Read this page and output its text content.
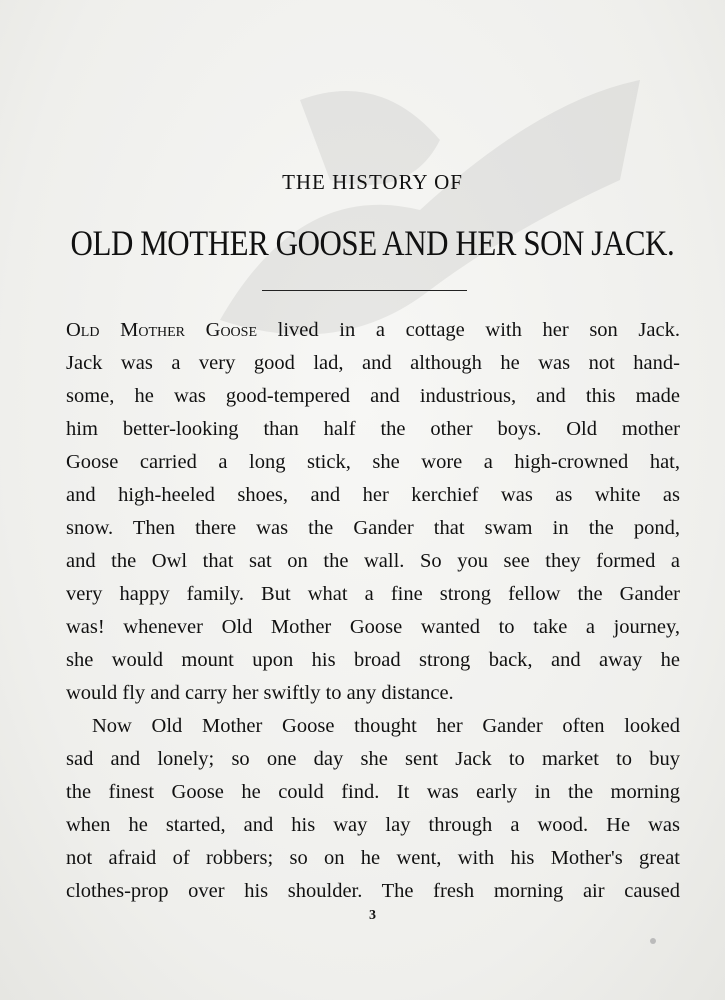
THE HISTORY OF
OLD MOTHER GOOSE AND HER SON JACK.
Old Mother Goose lived in a cottage with her son Jack.
Jack was a very good lad, and although he was not hand-
some, he was good-tempered and industrious, and this made
him better-looking than half the other boys. Old mother
Goose carried a long stick, she wore a high-crowned hat,
and high-heeled shoes, and her kerchief was as white as
snow. Then there was the Gander that swam in the pond,
and the Owl that sat on the wall. So you see they formed a
very happy family. But what a fine strong fellow the Gander
was! whenever Old Mother Goose wanted to take a journey,
she would mount upon his broad strong back, and away he
would fly and carry her swiftly to any distance.
Now Old Mother Goose thought her Gander often looked
sad and lonely; so one day she sent Jack to market to buy
the finest Goose he could find. It was early in the morning
when he started, and his way lay through a wood. He was
not afraid of robbers; so on he went, with his Mother's great
clothes-prop over his shoulder. The fresh morning air caused
3
